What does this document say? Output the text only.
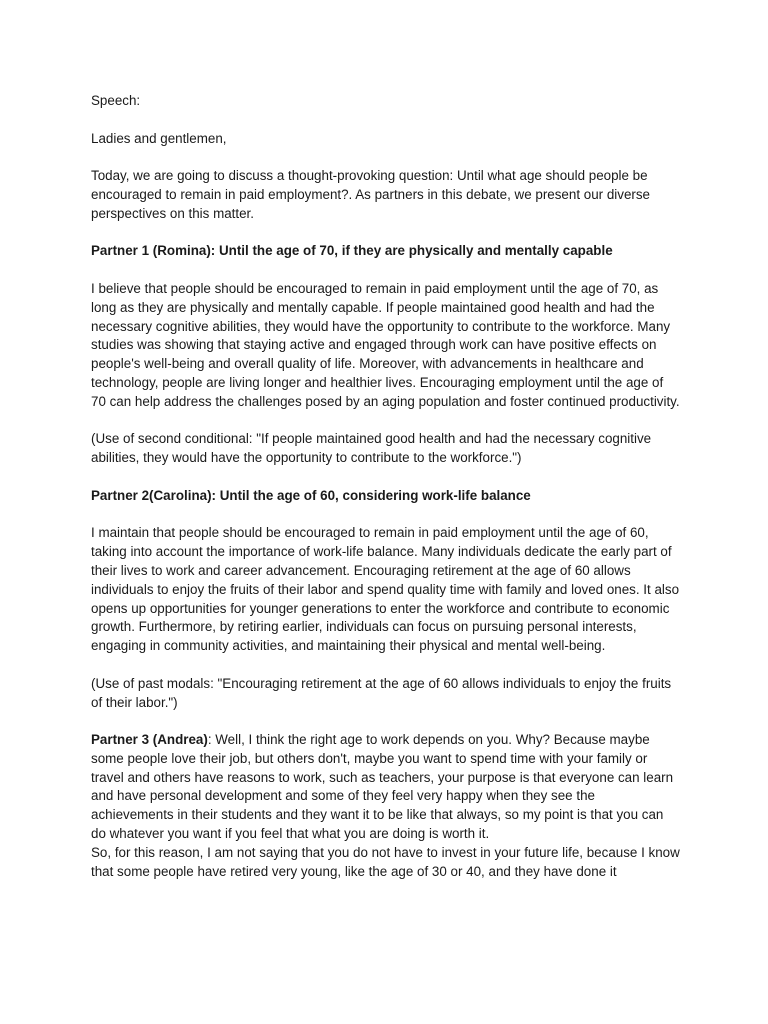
Speech:

Ladies and gentlemen,

Today, we are going to discuss a thought-provoking question: Until what age should people be encouraged to remain in paid employment?. As partners in this debate, we present our diverse perspectives on this matter.

Partner 1 (Romina): Until the age of 70, if they are physically and mentally capable

I believe that people should be encouraged to remain in paid employment until the age of 70, as long as they are physically and mentally capable. If people maintained good health and had the necessary cognitive abilities, they would have the opportunity to contribute to the workforce. Many studies was showing that staying active and engaged through work can have positive effects on people's well-being and overall quality of life. Moreover, with advancements in healthcare and technology, people are living longer and healthier lives. Encouraging employment until the age of 70 can help address the challenges posed by an aging population and foster continued productivity.

(Use of second conditional: "If people maintained good health and had the necessary cognitive abilities, they would have the opportunity to contribute to the workforce.")

Partner 2(Carolina): Until the age of 60, considering work-life balance

I maintain that people should be encouraged to remain in paid employment until the age of 60, taking into account the importance of work-life balance. Many individuals dedicate the early part of their lives to work and career advancement. Encouraging retirement at the age of 60 allows individuals to enjoy the fruits of their labor and spend quality time with family and loved ones. It also opens up opportunities for younger generations to enter the workforce and contribute to economic growth. Furthermore, by retiring earlier, individuals can focus on pursuing personal interests, engaging in community activities, and maintaining their physical and mental well-being.

(Use of past modals: "Encouraging retirement at the age of 60 allows individuals to enjoy the fruits of their labor.")

Partner 3 (Andrea): Well, I think the right age to work depends on you. Why? Because maybe some people love their job, but others don't, maybe you want to spend time with your family or travel and others have reasons to work, such as teachers, your purpose is that everyone can learn and have personal development and some of they feel very happy when they see the achievements in their students and they want it to be like that always, so my point is that you can do whatever you want if you feel that what you are doing is worth it.

So, for this reason, I am not saying that you do not have to invest in your future life, because I know that some people have retired very young, like the age of 30 or 40, and they have done it
